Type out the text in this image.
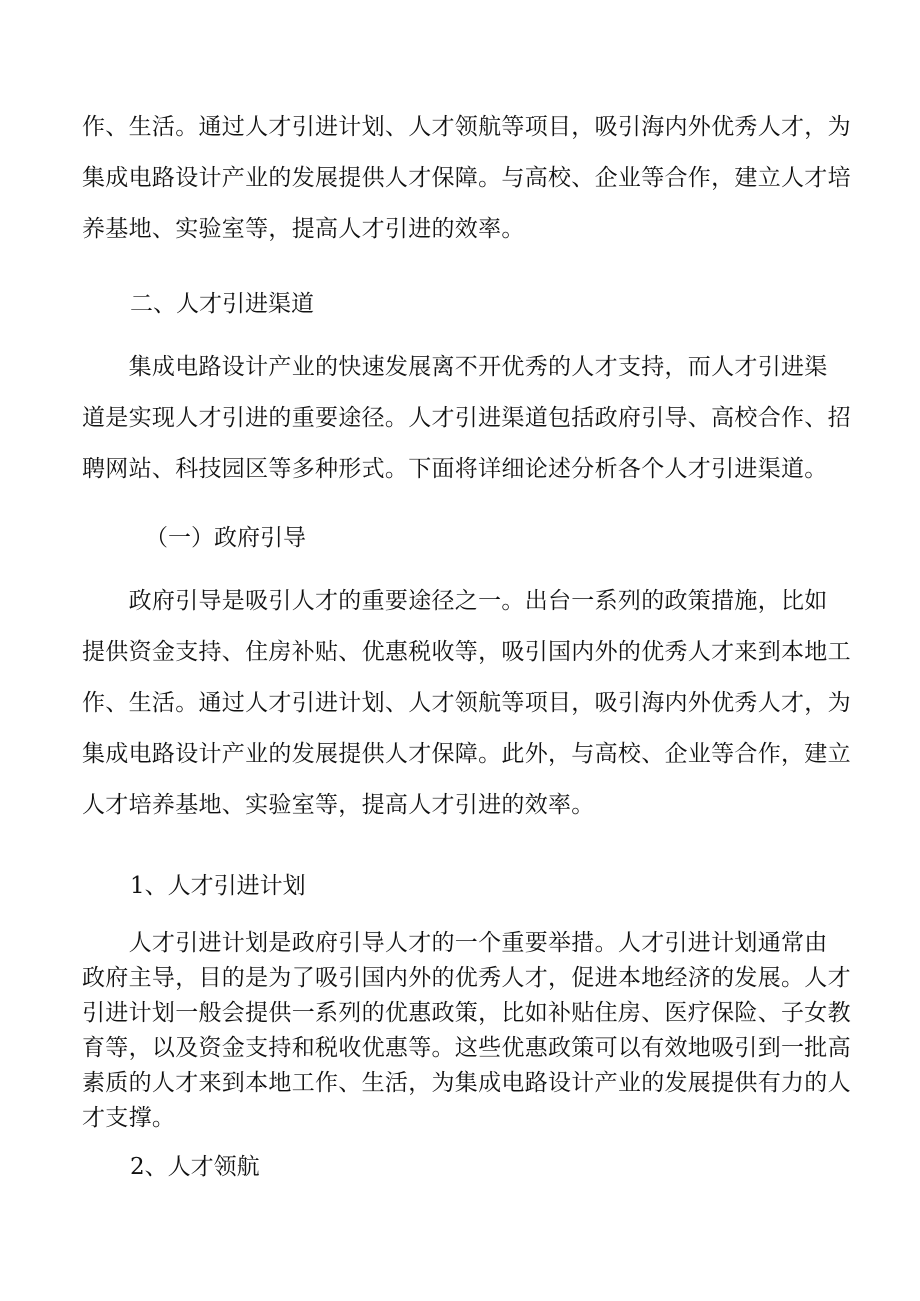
作、生活。通过人才引进计划、人才领航等项目，吸引海内外优秀人才，为
集成电路设计产业的发展提供人才保障。与高校、企业等合作，建立人才培
养基地、实验室等，提高人才引进的效率。
二、人才引进渠道
　　集成电路设计产业的快速发展离不开优秀的人才支持，而人才引进渠
道是实现人才引进的重要途径。人才引进渠道包括政府引导、高校合作、招
聘网站、科技园区等多种形式。下面将详细论述分析各个人才引进渠道。
（一）政府引导
　　政府引导是吸引人才的重要途径之一。出台一系列的政策措施，比如
提供资金支持、住房补贴、优惠税收等，吸引国内外的优秀人才来到本地工
作、生活。通过人才引进计划、人才领航等项目，吸引海内外优秀人才，为
集成电路设计产业的发展提供人才保障。此外，与高校、企业等合作，建立
人才培养基地、实验室等，提高人才引进的效率。
1、人才引进计划
　　人才引进计划是政府引导人才的一个重要举措。人才引进计划通常由
政府主导，目的是为了吸引国内外的优秀人才，促进本地经济的发展。人才
引进计划一般会提供一系列的优惠政策，比如补贴住房、医疗保险、子女教
育等，以及资金支持和税收优惠等。这些优惠政策可以有效地吸引到一批高
素质的人才来到本地工作、生活，为集成电路设计产业的发展提供有力的人
才支撑。
2、人才领航
